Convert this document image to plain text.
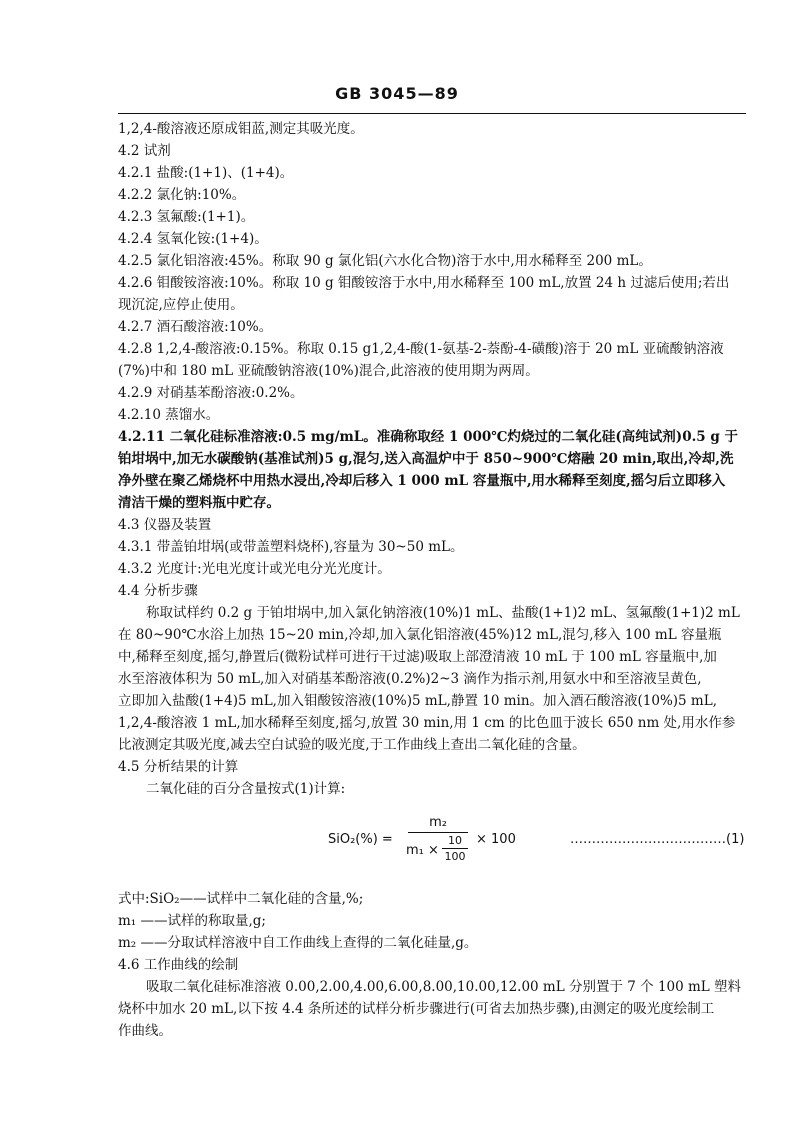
GB 3045—89
1,2,4-酸溶液还原成钼蓝,测定其吸光度。
4.2 试剂
4.2.1 盐酸:(1+1)、(1+4)。
4.2.2 氯化钠:10%。
4.2.3 氢氟酸:(1+1)。
4.2.4 氢氧化铵:(1+4)。
4.2.5 氯化铝溶液:45%。称取 90 g 氯化铝(六水化合物)溶于水中,用水稀释至 200 mL。
4.2.6 钼酸铵溶液:10%。称取 10 g 钼酸铵溶于水中,用水稀释至 100 mL,放置 24 h 过滤后使用;若出
现沉淀,应停止使用。
4.2.7 酒石酸溶液:10%。
4.2.8 1,2,4-酸溶液:0.15%。称取 0.15 g1,2,4-酸(1-氨基-2-萘酚-4-磺酸)溶于 20 mL 亚硫酸钠溶液
(7%)中和 180 mL 亚硫酸钠溶液(10%)混合,此溶液的使用期为两周。
4.2.9 对硝基苯酚溶液:0.2%。
4.2.10 蒸馏水。
4.2.11 二氧化硅标准溶液:0.5 mg/mL。准确称取经 1 000℃灼烧过的二氧化硅(高纯试剂)0.5 g 于
铂坩埚中,加无水碳酸钠(基准试剂)5 g,混匀,送入高温炉中于 850~900℃熔融 20 min,取出,冷却,洗
净外壁在聚乙烯烧杯中用热水浸出,冷却后移入 1 000 mL 容量瓶中,用水稀释至刻度,摇匀后立即移入
清洁干燥的塑料瓶中贮存。
4.3 仪器及装置
4.3.1 带盖铂坩埚(或带盖塑料烧杯),容量为 30~50 mL。
4.3.2 光度计:光电光度计或光电分光光度计。
4.4 分析步骤
称取试样约 0.2 g 于铂坩埚中,加入氯化钠溶液(10%)1 mL、盐酸(1+1)2 mL、氢氟酸(1+1)2 mL
在 80~90℃水浴上加热 15~20 min,冷却,加入氯化铝溶液(45%)12 mL,混匀,移入 100 mL 容量瓶
中,稀释至刻度,摇匀,静置后(微粉试样可进行干过滤)吸取上部澄清液 10 mL 于 100 mL 容量瓶中,加
水至溶液体积为 50 mL,加入对硝基苯酚溶液(0.2%)2~3 滴作为指示剂,用氨水中和至溶液呈黄色,
立即加入盐酸(1+4)5 mL,加入钼酸铵溶液(10%)5 mL,静置 10 min。加入酒石酸溶液(10%)5 mL,
1,2,4-酸溶液 1 mL,加水稀释至刻度,摇匀,放置 30 min,用 1 cm 的比色皿于波长 650 nm 处,用水作参
比液测定其吸光度,减去空白试验的吸光度,于工作曲线上查出二氧化硅的含量。
4.5 分析结果的计算
二氧化硅的百分含量按式(1)计算:
SiO₂(%) =
m₂
m₁ ×
10
100
× 100	………………………………(1)
式中:SiO₂——试样中二氧化硅的含量,%;
m₁ ——试样的称取量,g;
m₂ ——分取试样溶液中自工作曲线上查得的二氧化硅量,g。
4.6 工作曲线的绘制
吸取二氧化硅标准溶液 0.00,2.00,4.00,6.00,8.00,10.00,12.00 mL 分别置于 7 个 100 mL 塑料
烧杯中加水 20 mL,以下按 4.4 条所述的试样分析步骤进行(可省去加热步骤),由测定的吸光度绘制工
作曲线。
